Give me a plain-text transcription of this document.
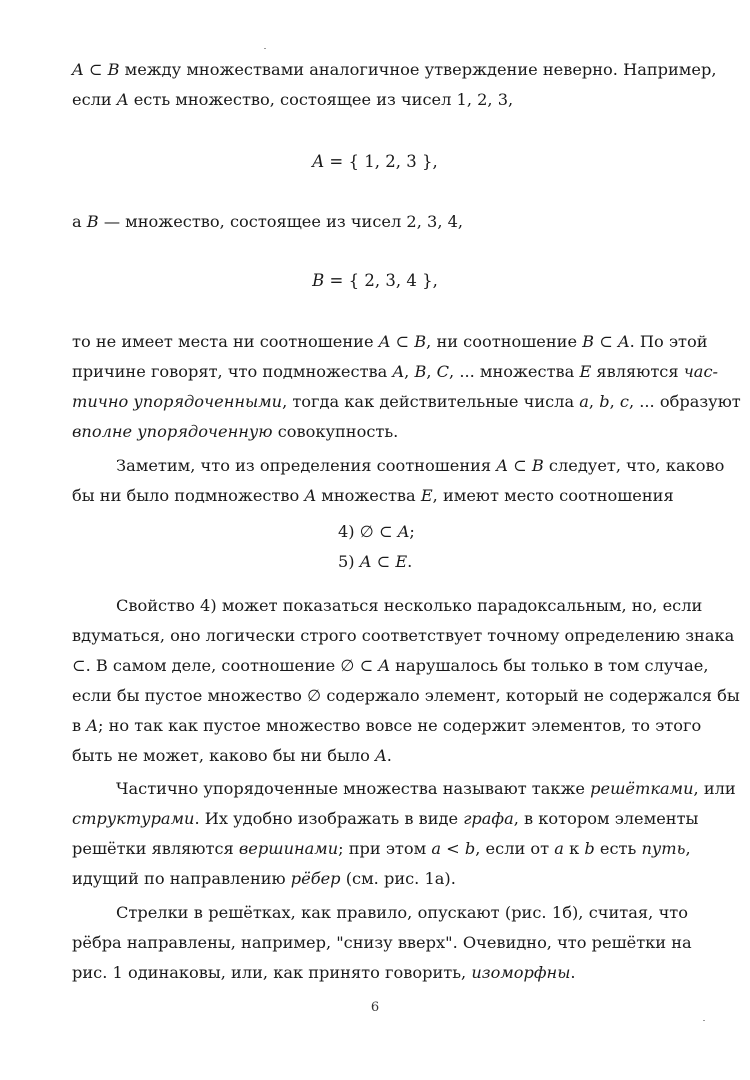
A ⊂ B между множествами аналогичное утверждение неверно. Например,
если A есть множество, состоящее из чисел 1, 2, 3,
A = { 1, 2, 3 },
а B — множество, состоящее из чисел 2, 3, 4,
B = { 2, 3, 4 },
то не имеет места ни соотношение A ⊂ B, ни соотношение B ⊂ A. По этой
причине говорят, что подмножества A, B, C, ... множества E являются час-
тично упорядоченными, тогда как действительные числа a, b, c, ... образуют
вполне упорядоченную совокупность.
Заметим, что из определения соотношения A ⊂ B следует, что, каково
бы ни было подмножество A множества E, имеют место соотношения
4) ∅ ⊂ A;
5) A ⊂ E.
Свойство 4) может показаться несколько парадоксальным, но, если
вдуматься, оно логически строго соответствует точному определению знака
⊂. В самом деле, соотношение ∅ ⊂ A нарушалось бы только в том случае,
если бы пустое множество ∅ содержало элемент, который не содержался бы
в A; но так как пустое множество вовсе не содержит элементов, то этого
быть не может, каково бы ни было A.
Частично упорядоченные множества называют также решётками, или
структурами. Их удобно изображать в виде графа, в котором элементы
решётки являются вершинами; при этом a < b, если от a к b есть путь,
идущий по направлению рёбер (см. рис. 1а).
Стрелки в решётках, как правило, опускают (рис. 1б), считая, что
рёбра направлены, например, "снизу вверх". Очевидно, что решётки на
рис. 1 одинаковы, или, как принято говорить, изоморфны.
6
